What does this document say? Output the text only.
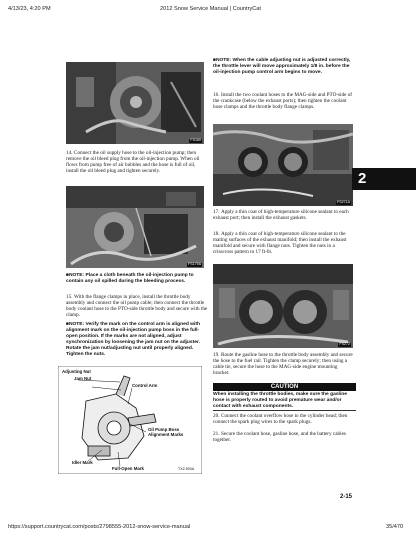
4/13/23, 4:20 PM	2012 Snow Service Manual | CountryCat
https://support.countrycat.com/posts/2798555-2012-snow-service-manual	35/470
FS180
14. Connect the oil supply hose to the oil-injection pump; then remove the oil bleed plug from the oil-injection pump. When oil flows from pump free of air bubbles and the hose is full of oil, install the oil bleed plug and tighten securely.
FS179A
■NOTE: Place a cloth beneath the oil-injection pump to contain any oil spilled during the bleeding process.
15. With the flange clamps in place, install the throttle body assembly and connect the oil pump cable; then connect the throttle body coolant hose to the PTO-side throttle body and secure with the clamp.
■NOTE: Verify the mark on the control arm is aligned with alignment mark on the oil-injection pump boss in the full-open position. If the marks are not aligned, adjust synchronization by loosening the jam nut on the adjuster. Rotate the jam nut/adjusting nut until properly aligned. Tighten the nuts.
Adjusting Nut
Jam Nut
Control Arm
Oil Pump Boss
Alignment Marks
Idler Mark
Full-Open Mark	TX2-903A
■NOTE: When the cable adjusting nut is adjusted correctly, the throttle lever will move approximately 1/8 in. before the oil-injection pump control arm begins to move.
16. Install the two coolant hoses to the MAG-side and PTO-side of the crankcase (below the exhaust ports); then tighten the coolant hose clamps and the throttle body flange clamps.
FS271A
2
17. Apply a thin coat of high-temperature silicone sealant to each exhaust port; then install the exhaust gaskets.
18. Apply a thin coat of high-temperature silicone sealant to the mating surfaces of the exhaust manifold; then install the exhaust manifold and secure with flange nuts. Tighten the nuts in a crisscross pattern to 17 ft-lb.
FS272
19. Route the gasline hose to the throttle body assembly and secure the hose to the fuel rail. Tighten the clamp securely; then using a cable tie, secure the hose to the MAG-side engine mounting bracket.
CAUTION
When installing the throttle bodies, make sure the gasline hose is properly routed to avoid premature wear and/or contact with exhaust components.
20. Connect the coolant overflow hose to the cylinder head; then connect the spark plug wires to the spark plugs.
21. Secure the coolant hose, gasline hose, and the battery cables together.
2-15
